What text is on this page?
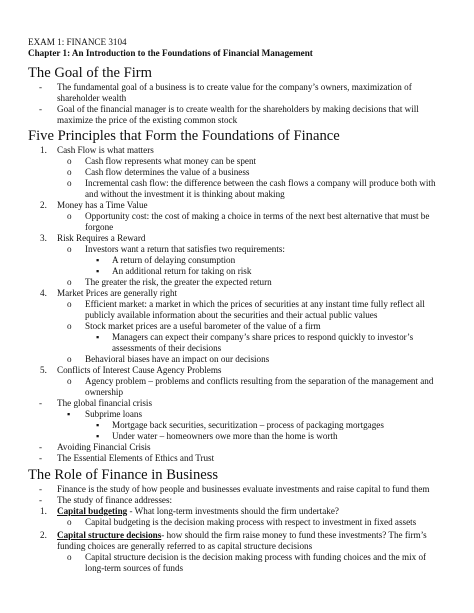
EXAM 1: FINANCE 3104
Chapter 1: An Introduction to the Foundations of Financial Management
The Goal of the Firm
- The fundamental goal of a business is to create value for the company’s owners, maximization of
shareholder wealth
- Goal of the financial manager is to create wealth for the shareholders by making decisions that will
maximize the price of the existing common stock
Five Principles that Form the Foundations of Finance
1. Cash Flow is what matters
o Cash flow represents what money can be spent
o Cash flow determines the value of a business
o Incremental cash flow: the difference between the cash flows a company will produce both with
and without the investment it is thinking about making
2. Money has a Time Value
o Opportunity cost: the cost of making a choice in terms of the next best alternative that must be
forgone
3. Risk Requires a Reward
o Investors want a return that satisfies two requirements:
▪ A return of delaying consumption
▪ An additional return for taking on risk
o The greater the risk, the greater the expected return
4. Market Prices are generally right
o Efficient market: a market in which the prices of securities at any instant time fully reflect all
publicly available information about the securities and their actual public values
o Stock market prices are a useful barometer of the value of a firm
▪ Managers can expect their company’s share prices to respond quickly to investor’s
assessments of their decisions
o Behavioral biases have an impact on our decisions
5. Conflicts of Interest Cause Agency Problems
o Agency problem – problems and conflicts resulting from the separation of the management and
ownership
- The global financial crisis
▪ Subprime loans
▪ Mortgage back securities, securitization – process of packaging mortgages
▪ Under water – homeowners owe more than the home is worth
- Avoiding Financial Crisis
- The Essential Elements of Ethics and Trust
The Role of Finance in Business
- Finance is the study of how people and businesses evaluate investments and raise capital to fund them
- The study of finance addresses:
1. Capital budgeting - What long-term investments should the firm undertake?
o Capital budgeting is the decision making process with respect to investment in fixed assets
2. Capital structure decisions- how should the firm raise money to fund these investments? The firm’s
funding choices are generally referred to as capital structure decisions
o Capital structure decision is the decision making process with funding choices and the mix of
long-term sources of funds
